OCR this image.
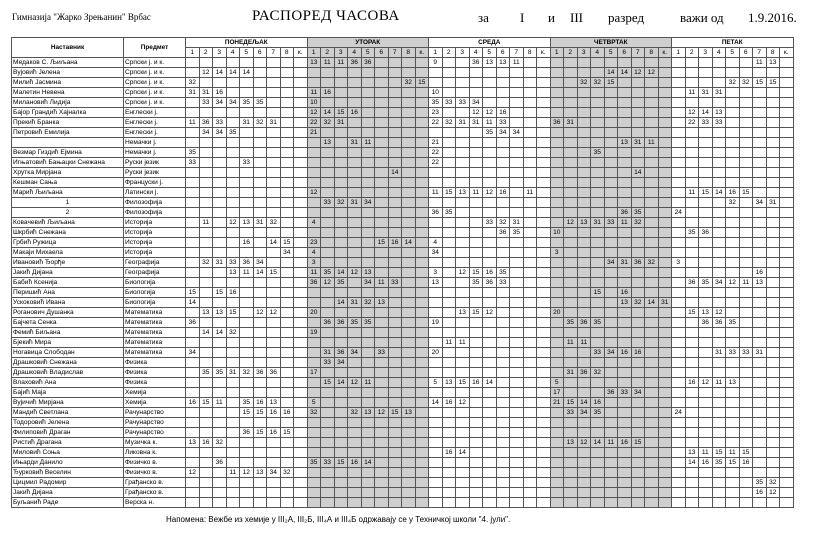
Гимназија "Жарко Зрењанин" Врбас	РАСПОРЕД ЧАСОВА	за I и III разред	важи од 1.9.2016.
Наставник	Предмет	ПОНЕДЕЉАК									УТОРАК									СРЕДА									ЧЕТВРТАК									ПЕТАК								
		1	2	3	4	5	6	7	8	к.	1	2	3	4	5	6	7	8	к.	1	2	3	4	5	6	7	8	к.	1	2	3	4	5	6	7	8	к.	1	2	3	4	5	6	7	8	к.
Медаков С. Љиљана	Српски ј. и к.										13	11	11	36	36					9			36	13	13	11																		11	13	
Вујовић Јелена	Српски ј. и к.		12	14	14	14																											14	14	12	12										
Милић Јасмина	Српски ј. и к.	32																32	15												32	32	15									32	32	15	15	
Малетин Невена	Српски ј. и к.	31	31	16							11	16								10																			11	31	31					
Милановић Лидија	Српски ј. и к.		33	34	34	35	35				10									35	33	33	34																							
Бајор Грандић Хајналка	Енглески ј.										12	14	15	16						23			12	12	16														12	14	13					
Прекић Бранка	Енглески ј.	11	36	33		31	32	31			22	32	31							22	32	31	31	11	33				36	31									22	33	33					
Петровић Емилија	Енглески ј.		34	34	35						21													35	34	34																				
	Немачки ј.											13		31	11					21														13	31	11										
Везмар Гиздић Ејмина	Немачки ј.	35																		22												35														
Игњатовић Бањацки Снежана	Руски језик	33				33														22																										
Хрутка Мирјана	Руски језик																14																		14											
Кешман Сања	Француски ј.																																													
Марић Љиљана	Латински ј.										12									11	15	13	11	12	16		11												11	15	14	16	15			
1	Филозофија											33	32	31	34																											32		34	31	
2	Филозофија																			36	35													36	35			24								
Ковачевић Љиљана	Историја		11		12	13	31	32			4													33	32	31				12	13	31	33	11	32											
Шкрбић Снежана	Историја																								36	35			10										35	36						
Грбић Ружица	Историја					16		14	15		23					15	16	14		4																										
Макаји Михаела	Историја								34		4									34									3																	
Ивановић Ђорђе	Географија		32	31	33	36	34				3																						34	31	36	32		3								
Јакић Дијана	Географија				13	11	14	15			11	35	14	12	13					3		12	15	16	35																			16		
Бабић Ксенија	Биологија										36	12	35		34	11	33			13			35	36	33														36	35	34	12	11	13		
Перишић Ана	Биологија	15		15	16																											15		16												
Ускоковић Ивана	Биологија	14											14	31	32	13																		13	32	14	31									
Роганович Душанка	Математика		13	13	15		12	12			20											13	15	12					20										15	13	12					
Бајчета Сенка	Математика	36										36	36	35	35					19										35	36	35								36	36	35				
Фемић Биљана	Математика		14	14	32						19																																			
Бјекић Мира	Математика																				11	11								11	11															
Ногавица Слободан	Математика	34										31	36	34		33				20												33	34	16	16						31	33	33	31		
Драшковић Снежана	Физика											33	34																																	
Драшковић Владислав	Физика		35	35	31	32	36	36			17																			31	36	32														
Влаховић Ана	Физика											15	14	12	11					5	13	15	16	14					5										16	12	11	13				
Бајић Маја	Хемија																												17				36	33	34											
Вујичић Мирјана	Хемија	16	15	11		35	16	13			5									14	16	12							21	15	14	16														
Мандић Светлана	Рачунарство					15	15	16	16		32			32	13	12	15	13												33	34	35						24								
Тодоровић Јелена	Рачунарство																																													
Филиповић Драган	Рачунарство					36	15	16	15																																					
Ристић Драгана	Музичка к.	13	16	32																										13	12	14	11	16	15											
Миловић Соња	Ликовна к.																				16	14																	13	11	15	11	15			
Ињарди Данило	Физичко в.			36							35	33	15	16	14																								14	16	35	15	16			
Ђурковић Веселин	Физичко в.	12			11	12	13	34	32																																					
Цицмил Радомир	Грађанско в.																																											35	32	
Јакић Дијана	Грађанско в.																																											16	12	
Буљанић Раде	Верска н.																																													
Напомена: Вежбе из хемије у III₂А, III₂Б, III₄А и III₄Б одржавају се у Техничкој школи "4. јули".
